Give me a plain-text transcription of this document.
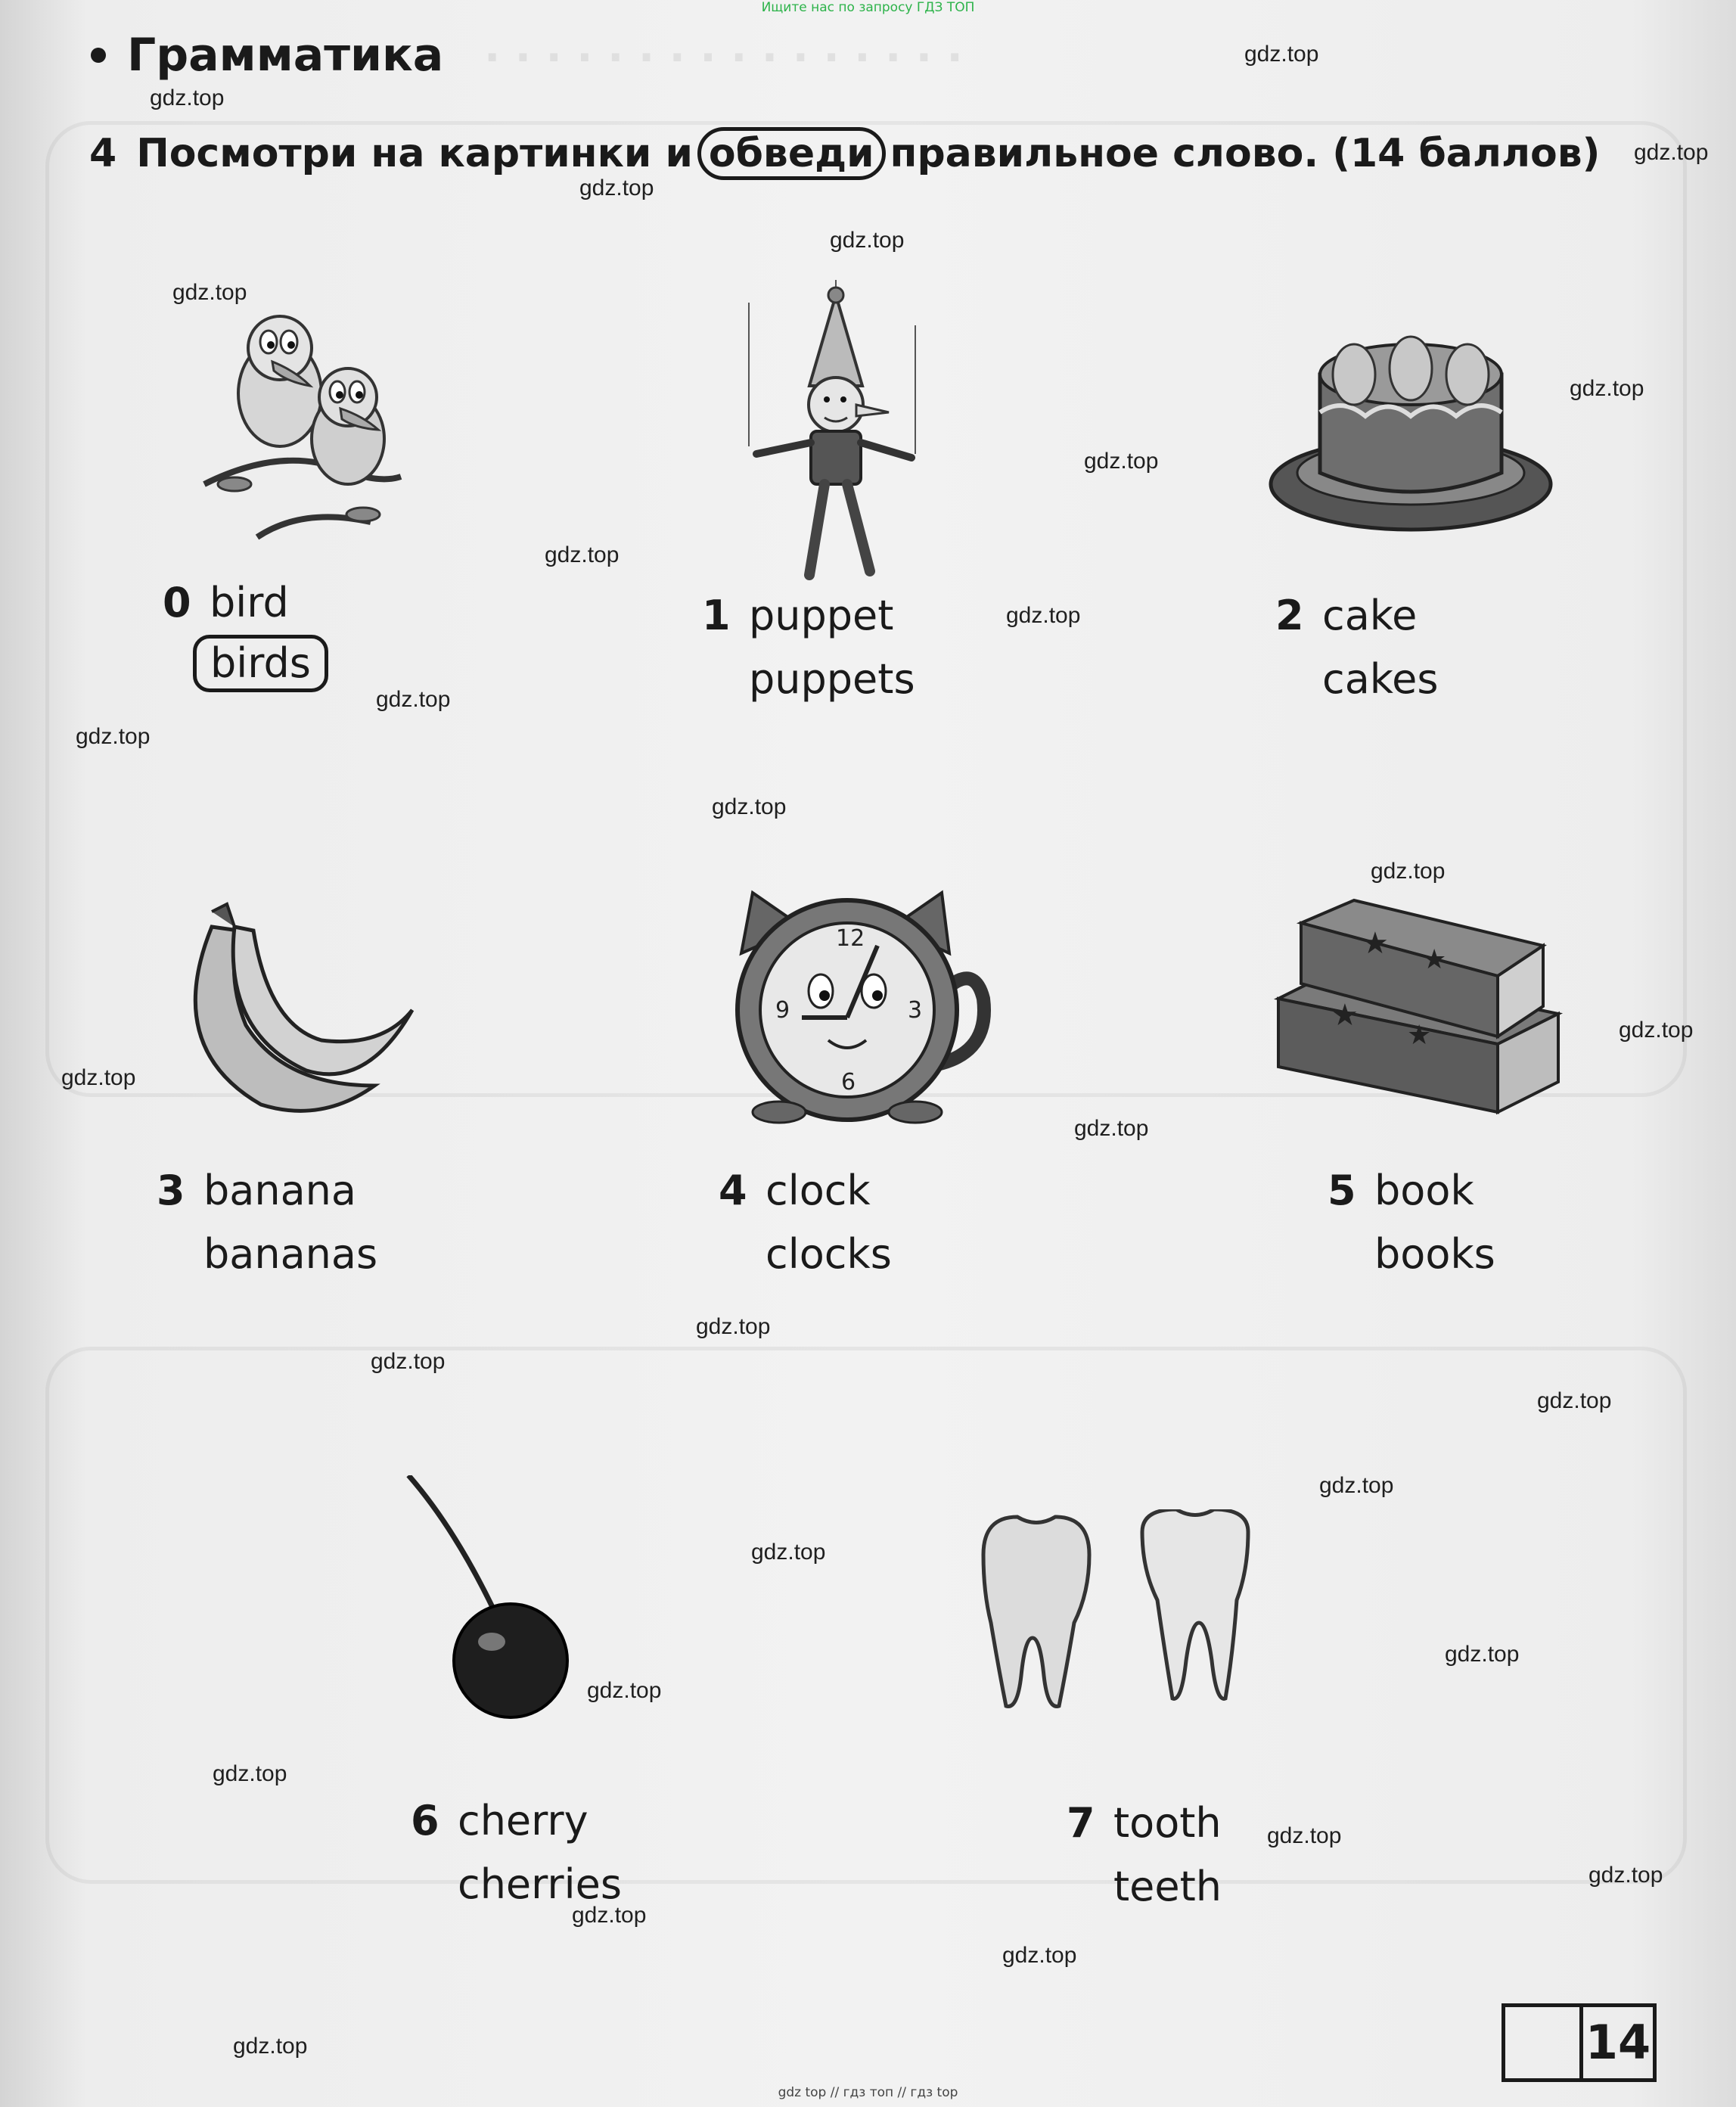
. . . . . . . . . . . . . . . .
Ищите нас по запросу ГДЗ ТОП
Грамматика
4 Посмотри на картинки и обведи правильное слово. (14 баллов)
12
3
6
9
★ ★
★
★
0 bird
birds
1 puppet
puppets
2 cake
cakes
3 banana
bananas
4 clock
clocks
5 book
books
6 cherry
cherries
7 tooth
teeth
gdz.top
gdz.top
gdz.top
gdz.top
gdz.top
gdz.top
gdz.top
gdz.top
gdz.top
gdz.top
gdz.top
gdz.top
gdz.top
gdz.top
gdz.top
gdz.top
gdz.top
gdz.top
gdz.top
gdz.top
gdz.top
gdz.top
gdz.top
gdz.top
gdz.top
gdz.top
gdz.top
gdz.top
gdz.top
gdz.top	14
gdz top // гдз топ // гдз top
